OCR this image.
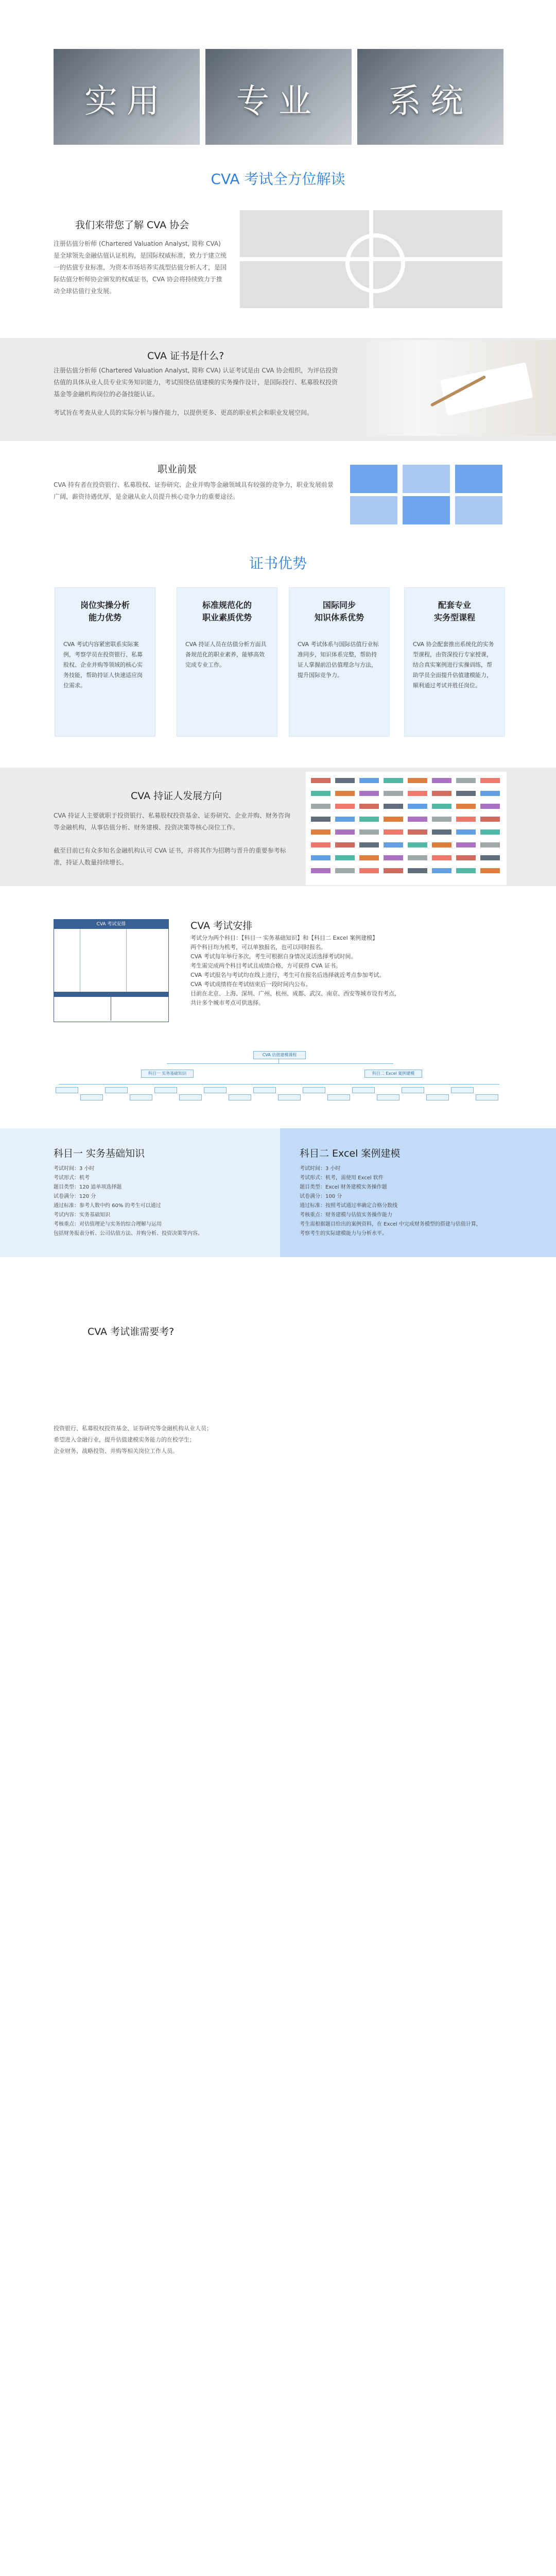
实用	专业	系统
CVA 考试全方位解读
我们来带您了解 CVA 协会
注册估值分析师 (Chartered Valuation Analyst, 简称 CVA) 是全球领先金融估值认证机构，是国际权威标准，致力于建立统一的估值专业标准，为资本市场培养实战型估值分析人才，是国际估值分析师协会颁发的权威证书，CVA 协会将持续致力于推动全球估值行业发展。
CVA 证书是什么?
注册估值分析师 (Chartered Valuation Analyst, 简称 CVA) 认证考试是由 CVA 协会组织，为评估投资估值的具体从业人员专业实务知识能力，考试围绕估值建模的实务操作设计，是国际投行、私募股权投资基金等金融机构岗位的必备技能认证。
考试旨在考查从业人员的实际分析与操作能力，以提供更多、更高的职业机会和职业发展空间。
职业前景
CVA 持有者在投资银行、私募股权、证券研究、企业并购等金融领域具有较强的竞争力，职业发展前景广阔，薪资待遇优厚，是金融从业人员提升核心竞争力的重要途径。
证书优势
岗位实操分析
能力优势
CVA 考试内容紧密联系实际案例，考察学员在投资银行、私募股权、企业并购等领域的核心实务技能，帮助持证人快速适应岗位需求。
标准规范化的
职业素质优势
CVA 持证人员在估值分析方面具备规范化的职业素养，能够高效完成专业工作。
国际同步
知识体系优势
CVA 考试体系与国际估值行业标准同步，知识体系完整，帮助持证人掌握前沿估值理念与方法，提升国际竞争力。
配套专业
实务型课程
CVA 协会配套推出系统化的实务型课程，由资深投行专家授课，结合真实案例进行实操训练，帮助学员全面提升估值建模能力，顺利通过考试并胜任岗位。
CVA 持证人发展方向
CVA 持证人主要就职于投资银行、私募股权投资基金、证券研究、企业并购、财务咨询等金融机构，从事估值分析、财务建模、投资决策等核心岗位工作。
截至目前已有众多知名金融机构认可 CVA 证书，并将其作为招聘与晋升的重要参考标准，持证人数量持续增长。
CVA 考试安排	CVA 考试安排
考试分为两个科目：【科目一 实务基础知识】和【科目二 Excel 案例建模】
两个科目均为机考，可以单独报名，也可以同时报名。
CVA 考试每年举行多次，考生可根据自身情况灵活选择考试时间。
考生需完成两个科目考试且成绩合格，方可获得 CVA 证书。
CVA 考试报名与考试均在线上进行，考生可在报名后选择就近考点参加考试。
CVA 考试成绩将在考试结束后一段时间内公布。
目前在北京、上海、深圳、广州、杭州、成都、武汉、南京、西安等城市设有考点，
共计多个城市考点可供选择。
CVA 估值建模课程
科目一 实务基础知识	科目二 Excel 案例建模
科目一 实务基础知识
考试时间：3 小时
考试形式：机考
题目类型：120 道单项选择题
试卷满分：120 分
通过标准：参考人数中约 60% 的考生可以通过
考试内容：实务基础知识
考核重点：对估值理论与实务的综合理解与运用
包括财务报表分析、公司估值方法、并购分析、投资决策等内容。
科目二 Excel 案例建模
考试时间：3 小时
考试形式：机考，需使用 Excel 软件
题目类型：Excel 财务建模实务操作题
试卷满分：100 分
通过标准：按照考试通过率确定合格分数线
考核重点：财务建模与估值实务操作能力
考生需根据题目给出的案例资料，在 Excel 中完成财务模型的搭建与估值计算，
考察考生的实际建模能力与分析水平。
CVA 考试谁需要考?
投资银行、私募股权投资基金、证券研究等金融机构从业人员；
希望进入金融行业，提升估值建模实务能力的在校学生；
企业财务、战略投资、并购等相关岗位工作人员。
